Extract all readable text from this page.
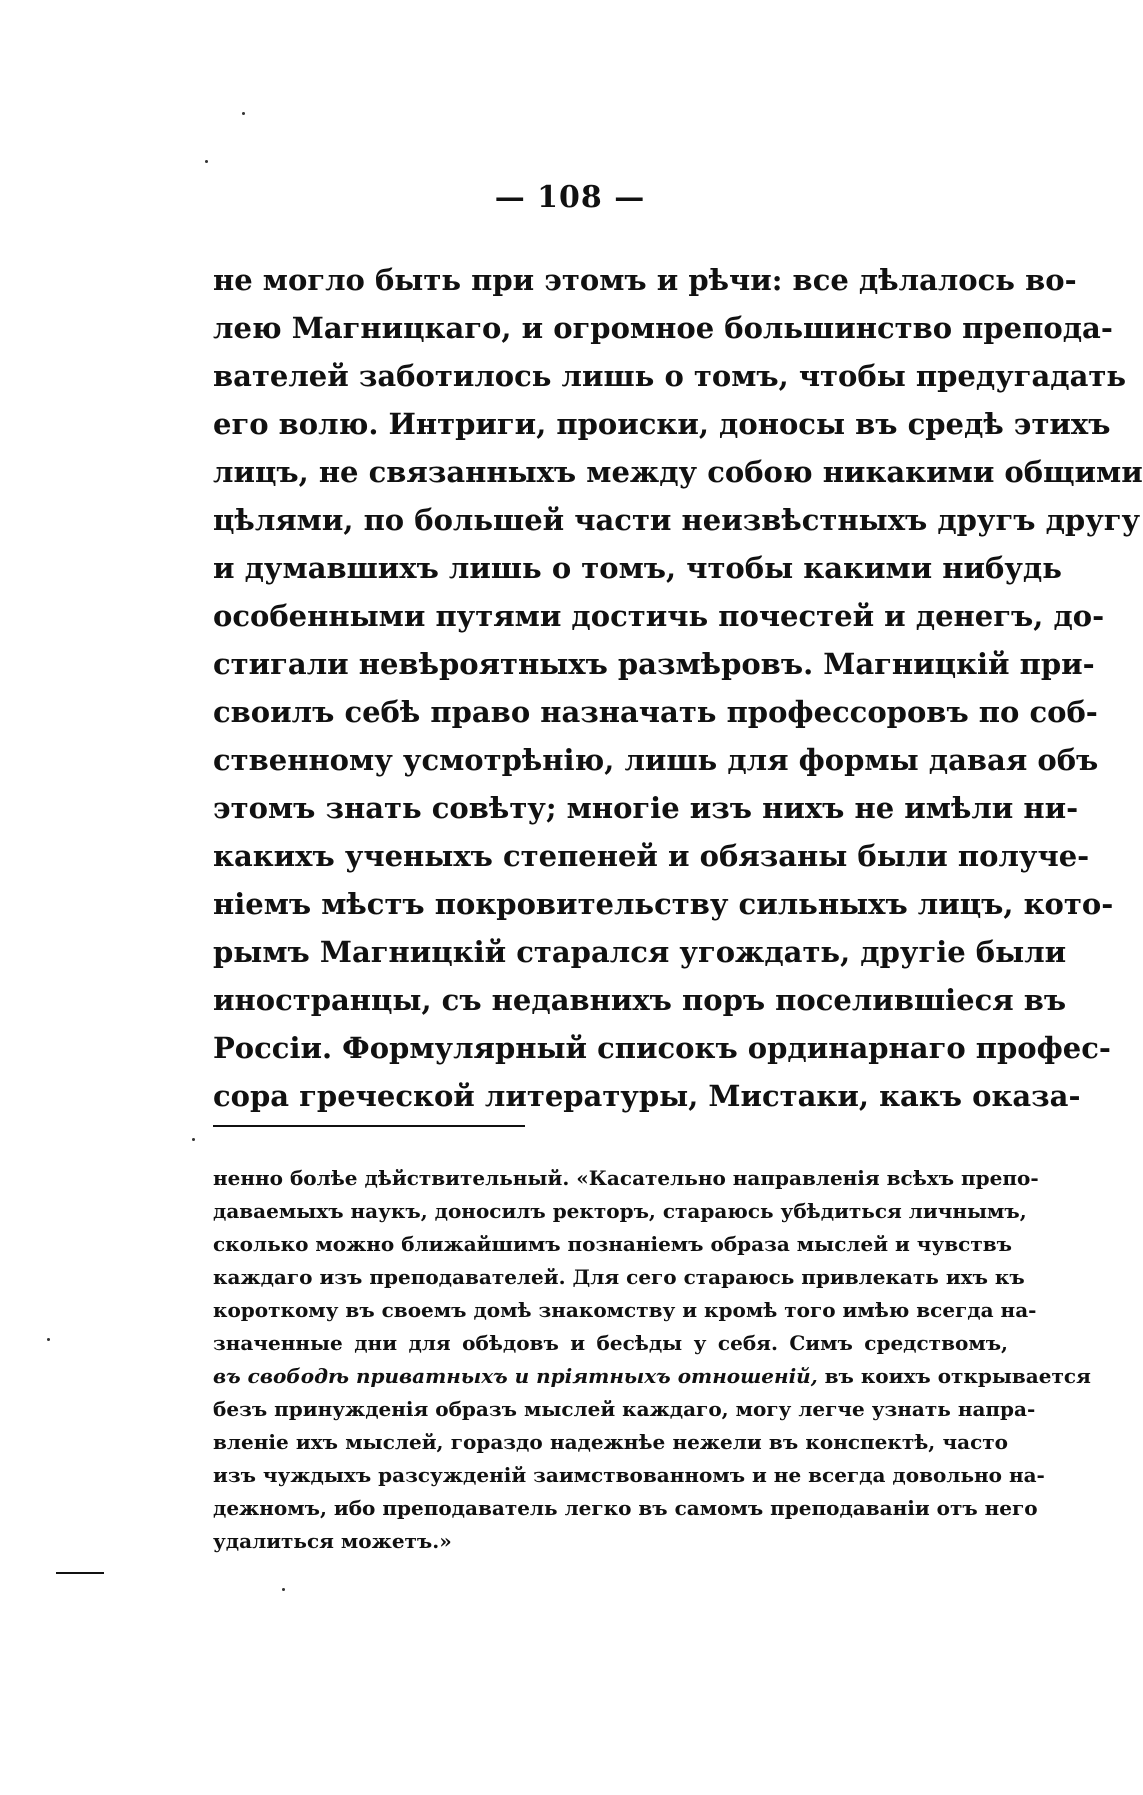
— 108 —
не могло быть при этомъ и рѣчи: все дѣлалось во-
лею Магницкаго, и огромное большинство препода-
вателей заботилось лишь о томъ, чтобы предугадать
его волю. Интриги, происки, доносы въ средѣ этихъ
лицъ, не связанныхъ между собою никакими общими
цѣлями, по большей части неизвѣстныхъ другъ другу
и думавшихъ лишь о томъ, чтобы какими нибудь
особенными путями достичь почестей и денегъ, до-
стигали невѣроятныхъ размѣровъ. Магницкій при-
своилъ себѣ право назначать профессоровъ по соб-
ственному усмотрѣнію, лишь для формы давая объ
этомъ знать совѣту; многіе изъ нихъ не имѣли ни-
какихъ ученыхъ степеней и обязаны были получе-
ніемъ мѣстъ покровительству сильныхъ лицъ, кото-
рымъ Магницкій старался угождать, другіе были
иностранцы, съ недавнихъ поръ поселившіеся въ
Россіи. Формулярный списокъ ординарнаго профес-
сора греческой литературы, Мистаки, какъ оказа-
ненно болѣе дѣйствительный. «Касательно направленія всѣхъ препо-
даваемыхъ наукъ, доносилъ ректоръ, стараюсь убѣдиться личнымъ,
сколько можно ближайшимъ познаніемъ образа мыслей и чувствъ
каждаго изъ преподавателей. Для сего стараюсь привлекать ихъ къ
короткому въ своемъ домѣ знакомству и кромѣ того имѣю всегда на-
значенные дни для обѣдовъ и бесѣды у себя. Симъ средствомъ,
въ свободѣ приватныхъ и пріятныхъ отношеній, въ коихъ открывается
безъ принужденія образъ мыслей каждаго, могу легче узнать напра-
вленіе ихъ мыслей, гораздо надежнѣе нежели въ конспектѣ, часто
изъ чуждыхъ разсужденій заимствованномъ и не всегда довольно на-
дежномъ, ибо преподаватель легко въ самомъ преподаваніи отъ него
удалиться можетъ.»
